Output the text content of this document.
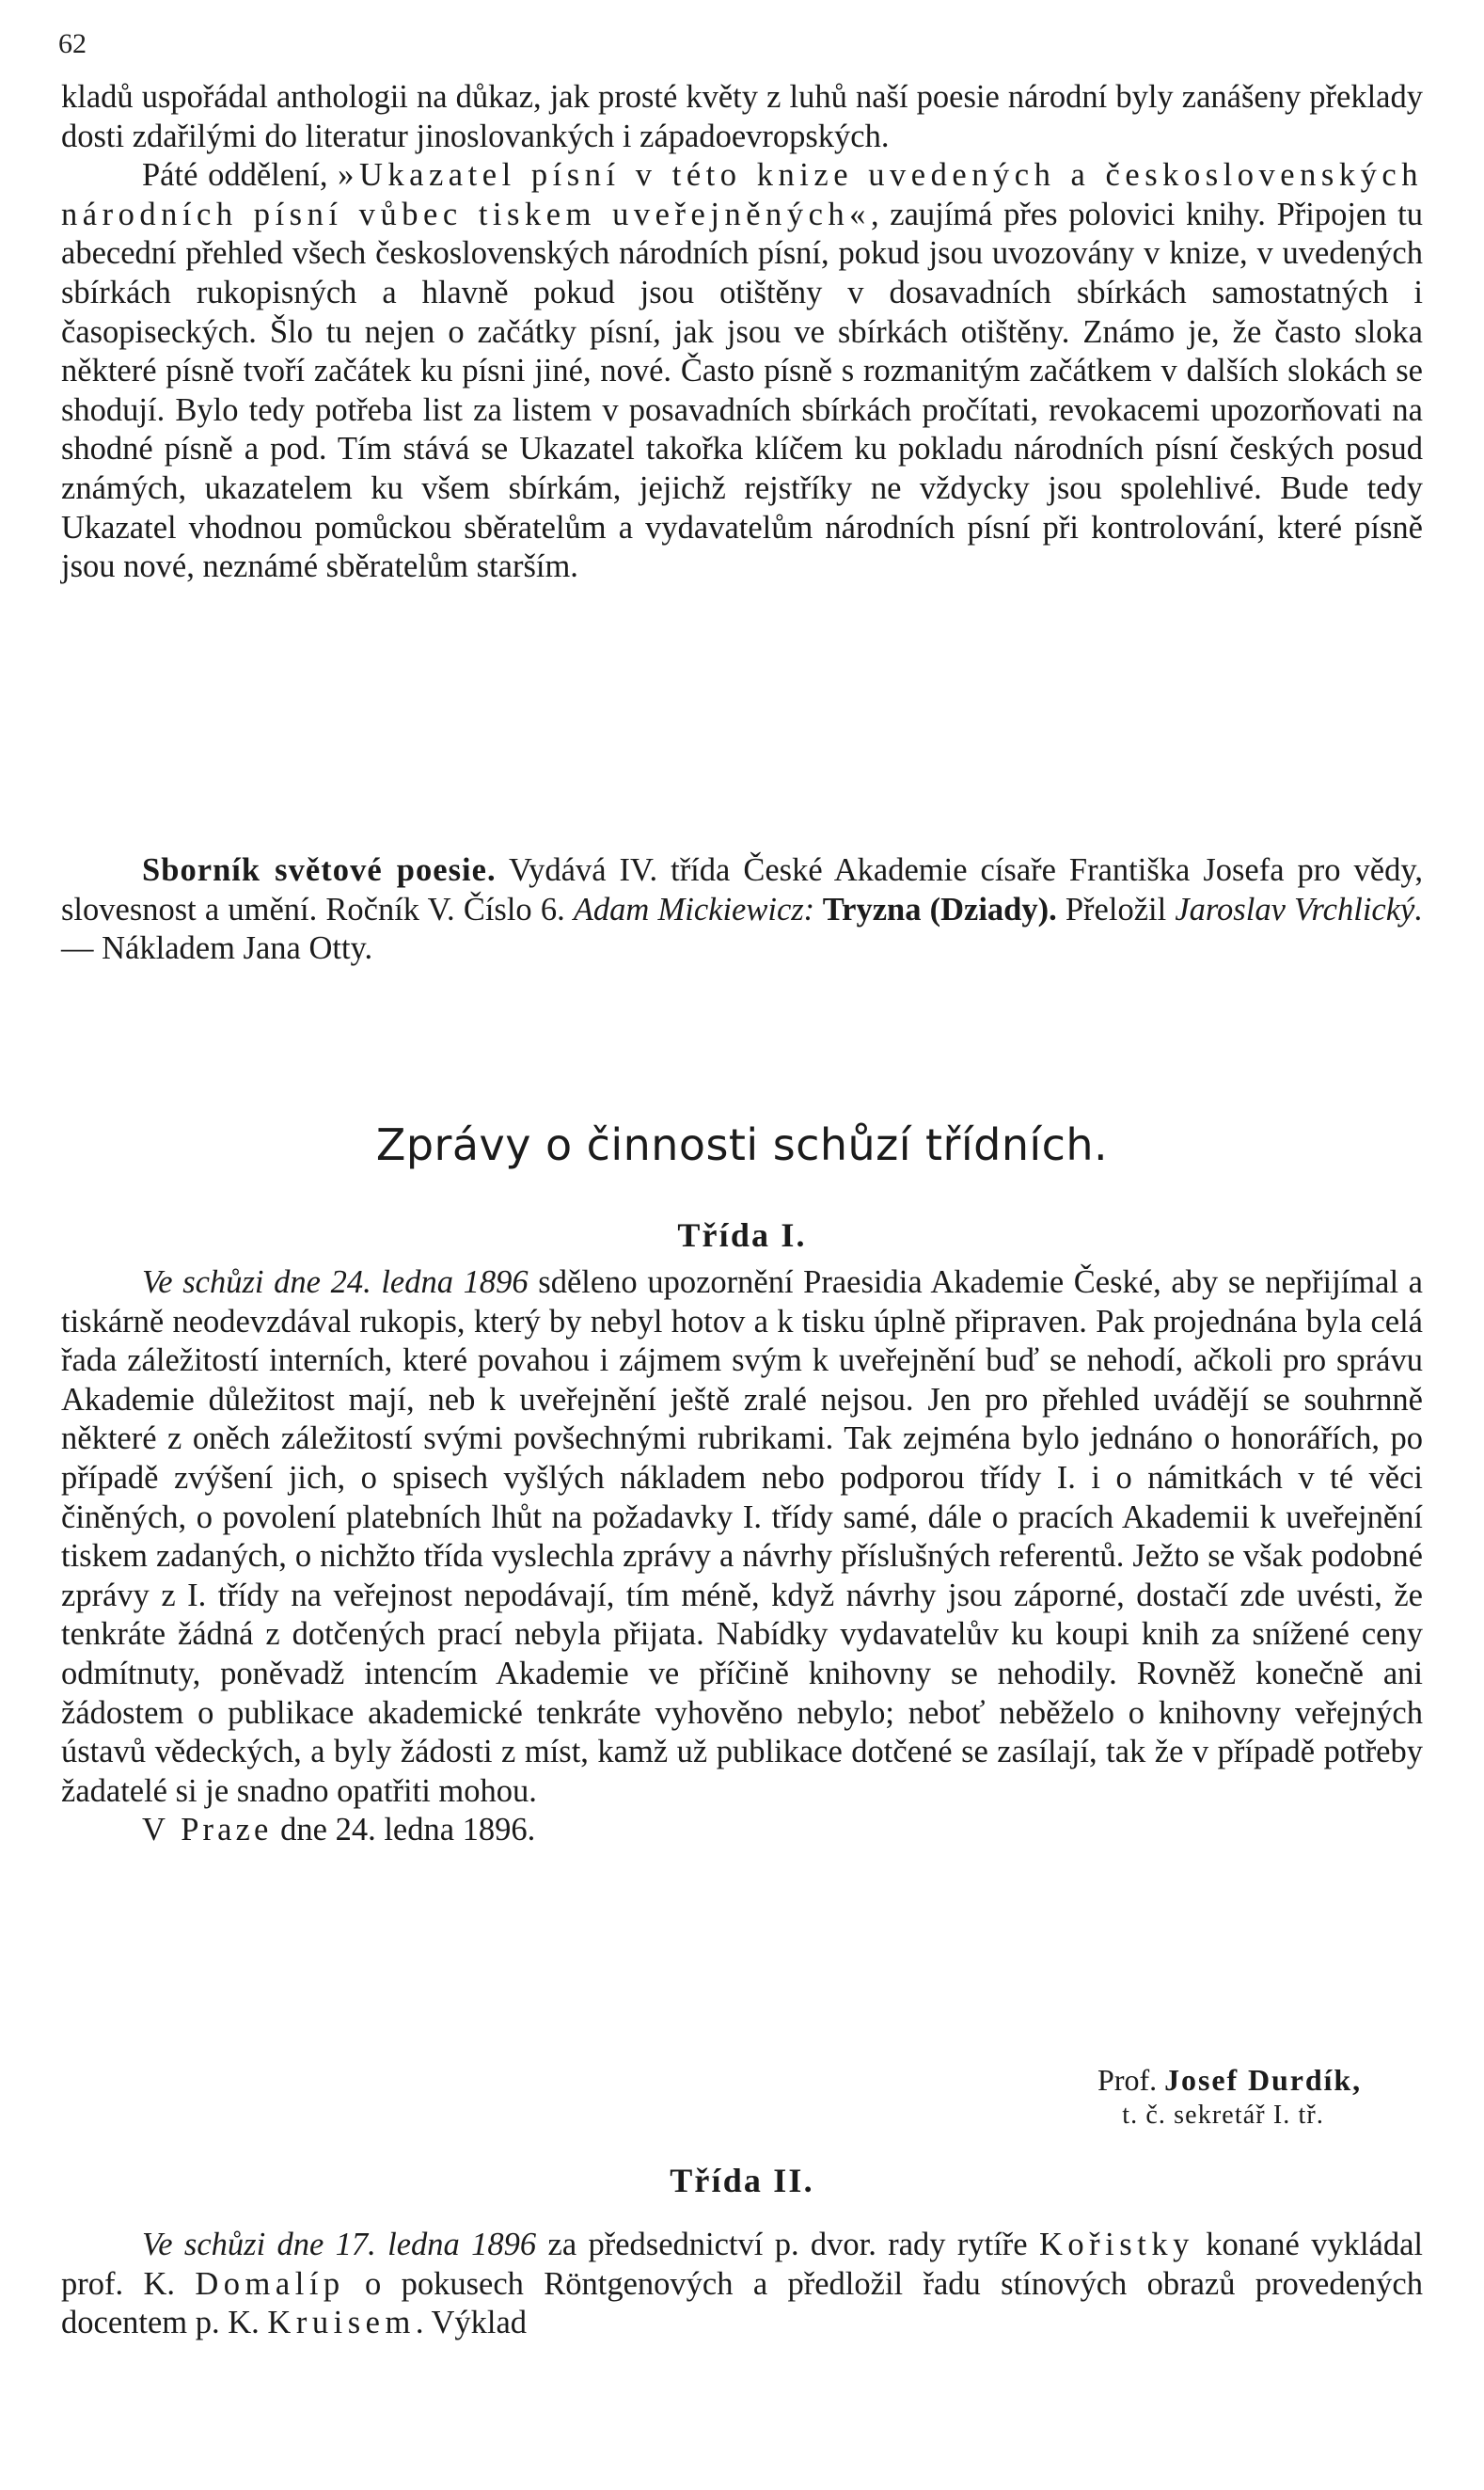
62

kladů uspořádal anthologii na důkaz, jak prosté květy z luhů naší poesie národní byly zanášeny překlady dosti zdařilými do literatur jinoslovankých i západoevropských.

Páté oddělení, »Ukazatel písní v této knize uvedených a československých národních písní vůbec tiskem uveřejněných«, zaujímá přes polovici knihy. Připojen tu abecední přehled všech československých národních písní, pokud jsou uvozovány v knize, v uvedených sbírkách rukopisných a hlavně pokud jsou otištěny v dosavadních sbírkách samostatných i časopiseckých. Šlo tu nejen o začátky písní, jak jsou ve sbírkách otištěny. Známo je, že často sloka některé písně tvoří začátek ku písni jiné, nové. Často písně s rozmanitým začátkem v dalších slokách se shodují. Bylo tedy potřeba list za listem v posavadních sbírkách pročítati, revokacemi upozorňovati na shodné písně a pod. Tím stává se Ukazatel takořka klíčem ku pokladu národních písní českých posud známých, ukazatelem ku všem sbírkám, jejichž rejstříky ne vždycky jsou spolehlivé. Bude tedy Ukazatel vhodnou pomůckou sběratelům a vydavatelům národních písní při kontrolování, které písně jsou nové, neznámé sběratelům starším.

Sborník světové poesie. Vydává IV. třída České Akademie císaře Františka Josefa pro vědy, slovesnost a umění. Ročník V. Číslo 6. Adam Mickiewicz: Tryzna (Dziady). Přeložil Jaroslav Vrchlický. — Nákladem Jana Otty.

Zprávy o činnosti schůzí třídních.
Třída I.

Ve schůzi dne 24. ledna 1896 sděleno upozornění Praesidia Akademie České, aby se nepřijímal a tiskárně neodevzdával rukopis, který by nebyl hotov a k tisku úplně připraven. Pak projednána byla celá řada záležitostí interních, které povahou i zájmem svým k uveřejnění buď se nehodí, ačkoli pro správu Akademie důležitost mají, neb k uveřejnění ještě zralé nejsou. Jen pro přehled uvádějí se souhrnně některé z oněch záležitostí svými povšechnými rubrikami. Tak zejména bylo jednáno o honorářích, po případě zvýšení jich, o spisech vyšlých nákladem nebo podporou třídy I. i o námitkách v té věci činěných, o povolení platebních lhůt na požadavky I. třídy samé, dále o pracích Akademii k uveřejnění tiskem zadaných, o nichžto třída vyslechla zprávy a návrhy příslušných referentů. Ježto se však podobné zprávy z I. třídy na veřejnost nepodávají, tím méně, když návrhy jsou záporné, dostačí zde uvésti, že tenkráte žádná z dotčených prací nebyla přijata. Nabídky vydavatelův ku koupi knih za snížené ceny odmítnuty, poněvadž intencím Akademie ve příčině knihovny se nehodily. Rovněž konečně ani žádostem o publikace akademické tenkráte vyhověno nebylo; neboť neběželo o knihovny veřejných ústavů vědeckých, a byly žádosti z míst, kamž už publikace dotčené se zasílají, tak že v případě potřeby žadatelé si je snadno opatřiti mohou.

V Praze dne 24. ledna 1896.

Prof. Josef Durdík,
t. č. sekretář I. tř.
Třída II.

Ve schůzi dne 17. ledna 1896 za předsednictví p. dvor. rady rytíře Kořistky konané vykládal prof. K. Domalíp o pokusech Röntgenových a předložil řadu stínových obrazů provedených docentem p. K. Kruisem. Výklad
